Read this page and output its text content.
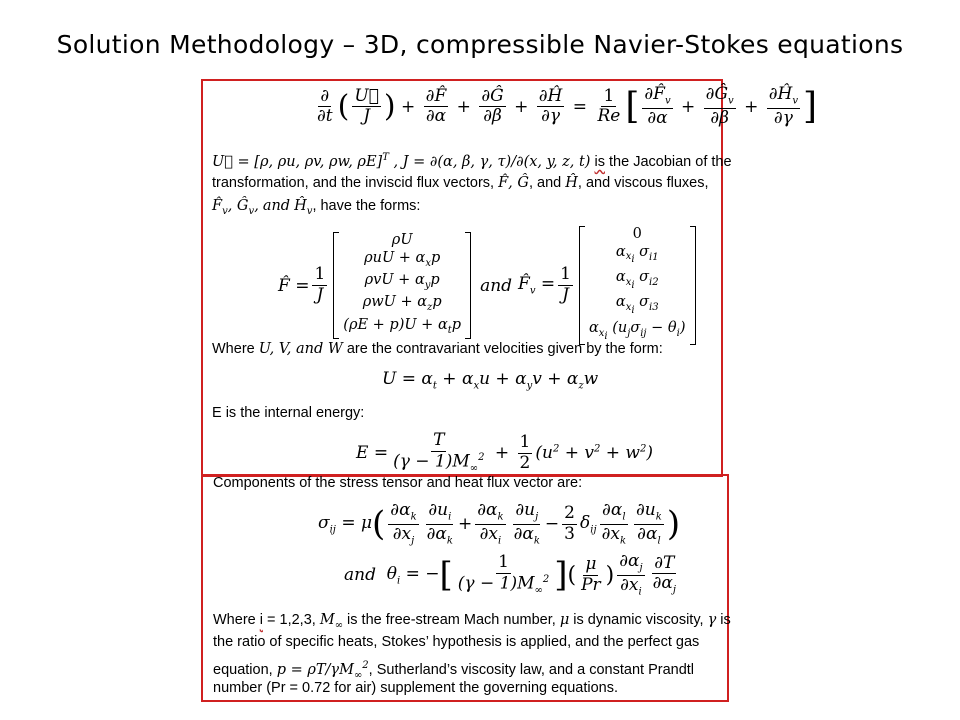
Solution Methodology – 3D, compressible Navier-Stokes equations
$\frac{\partial}{\partial t}$ ( $\frac{U⃗}{J}$ ) + $\frac{\partial F̂}{\partial\alpha} + \frac{\partial Ĝ}{\partial\beta} + \frac{\partial Ĥ}{\partial\gamma} = \frac{1}{Re}$ [ $\frac{\partial F̂_v}{\partial\alpha} + \frac{\partial Ĝ_v}{\partial\beta} + \frac{\partial Ĥ_v}{\partial\gamma}$ ]
U⃗ = [ρ, ρu, ρv, ρw, ρE]$^T$ , J = ∂(α, β, γ, τ)/∂(x, y, z, t) is the Jacobian of the
transformation, and the inviscid flux vectors, F̂, Ĝ, and Ĥ, and viscous fluxes,
$F̂_v$, $Ĝ_v$, and $Ĥ_v$, have the forms:
F̂ = $\frac{1}{J}$
ρU
$\rho uU + \alpha_xp$
$\rho vU + \alpha_yp$
$\rho wU + \alpha_zp$
$(\rho E + p)U + \alpha_tp$
and $F̂_v = \frac{1}{J}$
0
$\alpha_{x_i}$ $\sigma_{i1}$
$\alpha_{x_i}$ $\sigma_{i2}$
$\alpha_{x_i}$ $\sigma_{i3}$
$\alpha_{x_i}$ $(u_j\sigma_{ij} - \theta_i)$
Where U, V, and W are the contravariant velocities given by the form:
$U = \alpha_t + \alpha_xu + \alpha_yv + \alpha_zw$
E is the internal energy:
$E = \frac{T}{(\gamma - 1)M_\infty^2} + \frac{1}{2} (u^2 + v^2 + w^2)$
Components of the stress tensor and heat flux vector are:
$\sigma_{ij} = \mu$ ( $\frac{\partial\alpha_k}{\partial x_j} \frac{\partial u_i}{\partial\alpha_k} + \frac{\partial\alpha_k}{\partial x_i} \frac{\partial u_j}{\partial\alpha_k} - \frac{2}{3} \delta_{ij} \frac{\partial\alpha_l}{\partial x_k} \frac{\partial u_k}{\partial\alpha_l}$ )
and $\theta_i$ = − [ $\frac{1}{(\gamma - 1)M_\infty^2}$ ] ( $\frac{\mu}{Pr}$ ) $\frac{\partial\alpha_j}{\partial x_i} \frac{\partial T}{\partial\alpha_j}$
Where i = 1,2,3, $M_\infty$ is the free-stream Mach number, μ is dynamic viscosity, γ is
the ratio of specific heats, Stokes’ hypothesis is applied, and the perfect gas
equation, $p = \rho T/\gamma M_\infty^2$, Sutherland’s viscosity law, and a constant Prandtl
number (Pr = 0.72 for air) supplement the governing equations.
